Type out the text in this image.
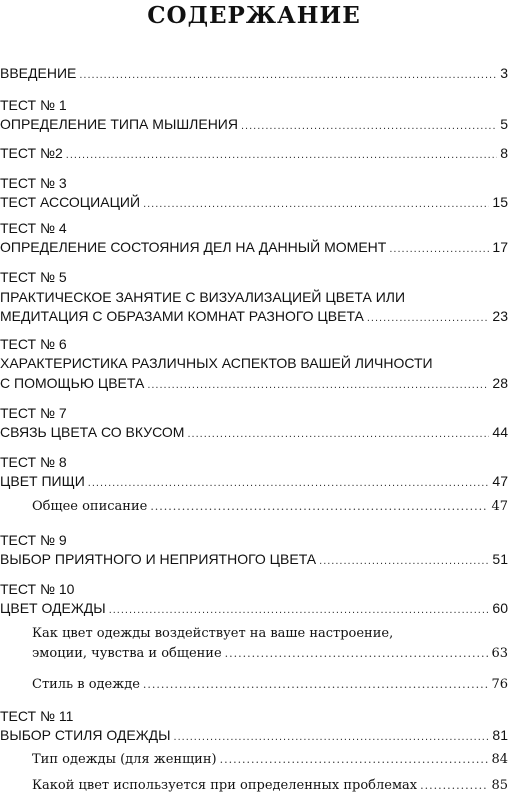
СОДЕРЖАНИЕ
ВВЕДЕНИЕ .....	3
ТЕСТ № 1
ОПРЕДЕЛЕНИЕ ТИПА МЫШЛЕНИЯ .....	5
ТЕСТ №2 .....	8
ТЕСТ № 3
ТЕСТ АССОЦИАЦИЙ .....	15
ТЕСТ № 4
ОПРЕДЕЛЕНИЕ СОСТОЯНИЯ ДЕЛ НА ДАННЫЙ МОМЕНТ .....	17
ТЕСТ № 5
ПРАКТИЧЕСКОЕ ЗАНЯТИЕ С ВИЗУАЛИЗАЦИЕЙ ЦВЕТА ИЛИ
МЕДИТАЦИЯ С ОБРАЗАМИ КОМНАТ РАЗНОГО ЦВЕТА .....	23
ТЕСТ № 6
ХАРАКТЕРИСТИКА РАЗЛИЧНЫХ АСПЕКТОВ ВАШЕЙ ЛИЧНОСТИ
С ПОМОЩЬЮ ЦВЕТА .....	28
ТЕСТ № 7
СВЯЗЬ ЦВЕТА СО ВКУСОМ .....	44
ТЕСТ № 8
ЦВЕТ ПИЩИ .....	47
Общее описание .....	47
ТЕСТ № 9
ВЫБОР ПРИЯТНОГО И НЕПРИЯТНОГО ЦВЕТА .....	51
ТЕСТ № 10
ЦВЕТ ОДЕЖДЫ .....	60
Как цвет одежды воздействует на ваше настроение,
эмоции, чувства и общение .....	63
Стиль в одежде .....	76
ТЕСТ № 11
ВЫБОР СТИЛЯ ОДЕЖДЫ .....	81
Тип одежды (для женщин) .....	84
Какой цвет используется при определенных проблемах .....	85
